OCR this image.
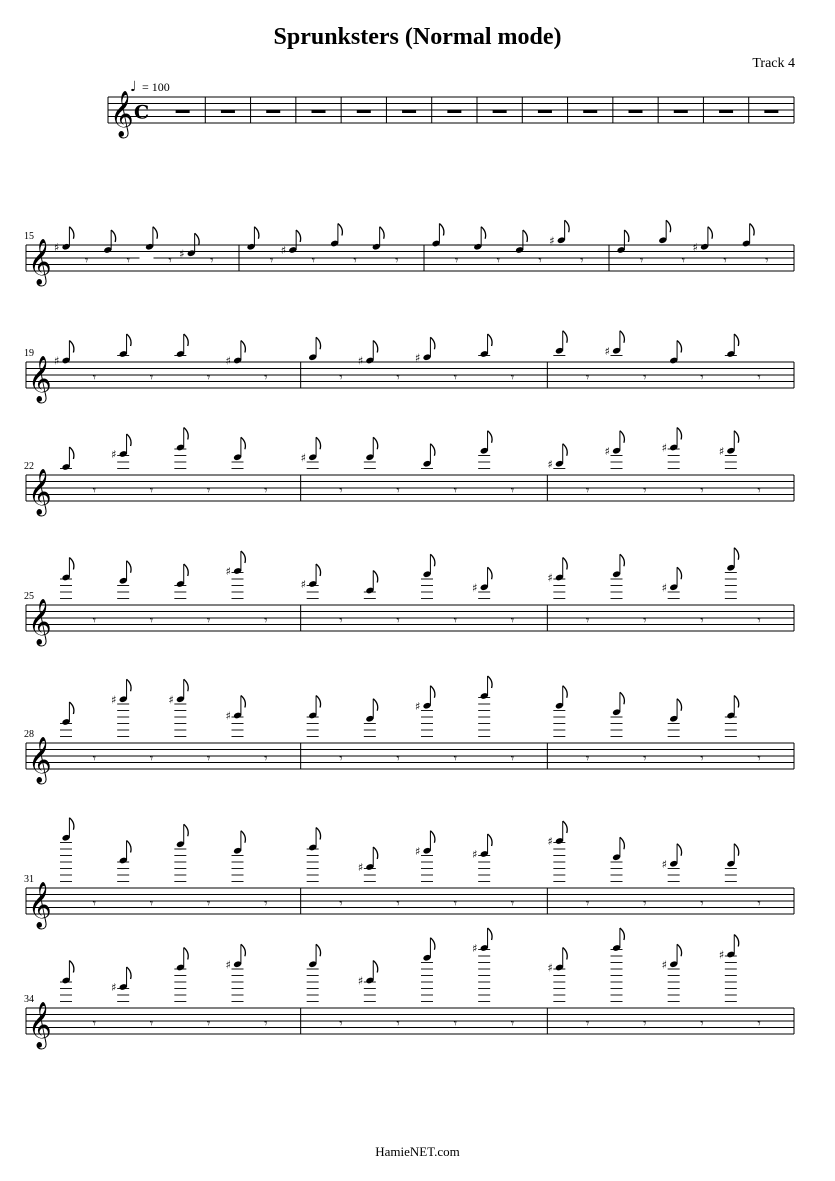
Sprunksters (Normal mode)
Track 4
𝄞 C
♩ = 100
𝄞
15
♯
𝄾	𝄾	𝄾 ♯ 𝄾	𝄾
♯
𝄾	𝄾	𝄾	𝄾	𝄾	𝄾
♯
𝄾	𝄾	𝄾
♯
𝄾	𝄾
𝄞
19
♯
𝄾	𝄾	𝄾
♯
𝄾	𝄾
♯
𝄾
♯
𝄾	𝄾	𝄾
♯
𝄾	𝄾	𝄾
𝄞
22
𝄾
♯
𝄾	𝄾	𝄾
♯
𝄾	𝄾	𝄾	𝄾
♯
𝄾
♯
𝄾
♯
𝄾
♯
𝄾
𝄞
25
𝄾	𝄾	𝄾
♯
𝄾
♯
𝄾	𝄾	𝄾
♯
𝄾
♯
𝄾	𝄾
♯
𝄾	𝄾
𝄞
28
𝄾
♯
𝄾
♯
𝄾
♯
𝄾	𝄾	𝄾
♯
𝄾	𝄾	𝄾	𝄾	𝄾	𝄾
𝄞
31
𝄾	𝄾	𝄾	𝄾	𝄾
♯
𝄾
♯
𝄾
♯
𝄾
♯
𝄾	𝄾
♯
𝄾	𝄾
𝄞
34
𝄾
♯
𝄾	𝄾
♯
𝄾	𝄾
♯
𝄾	𝄾
♯
𝄾
♯
𝄾	𝄾
♯
𝄾
♯
𝄾
HamieNET.com
